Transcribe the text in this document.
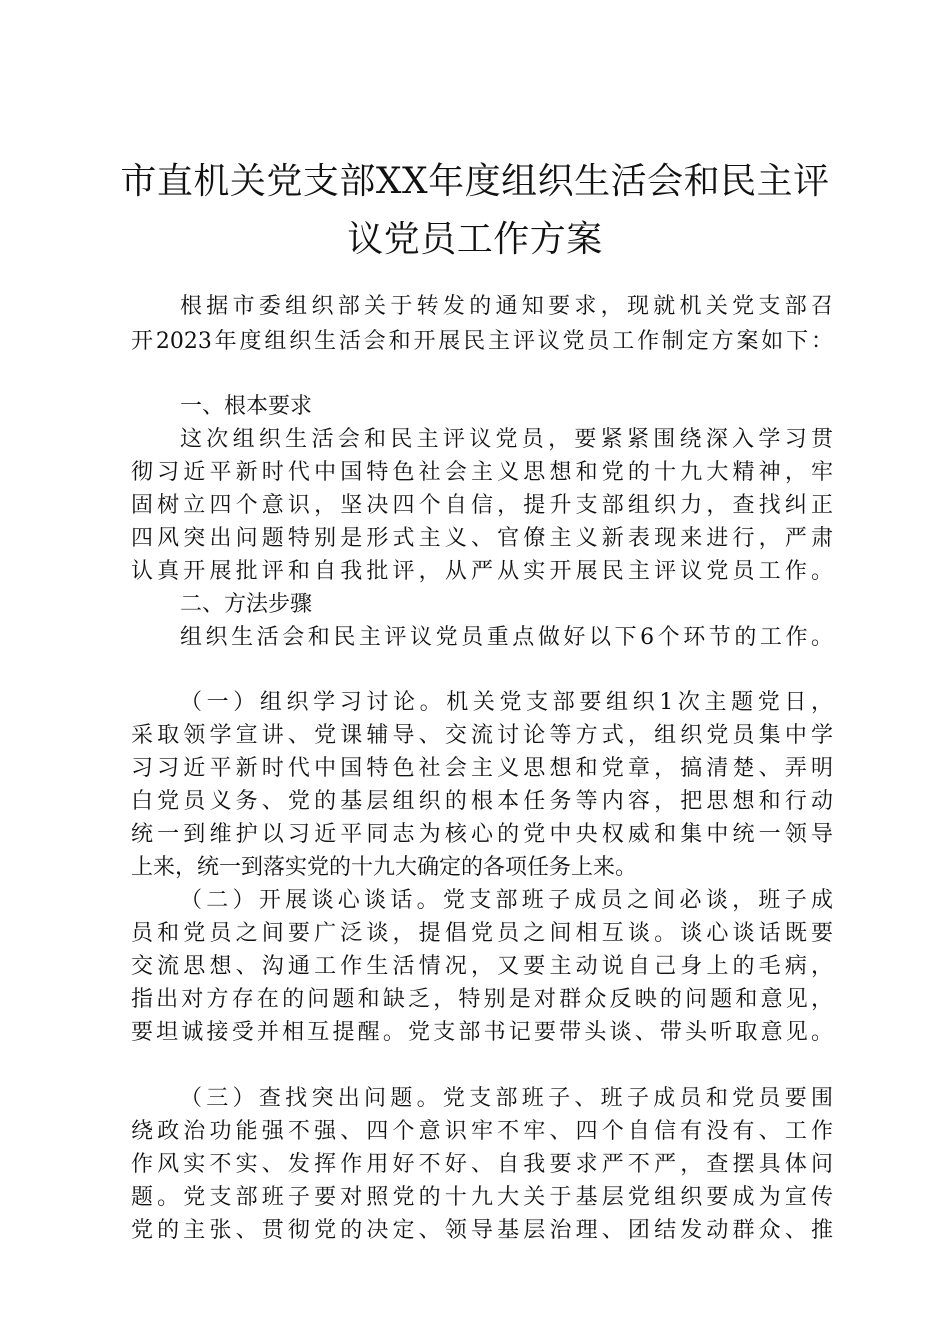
市直机关党支部XX年度组织生活会和民主评
议党员工作方案
根据市委组织部关于转发的通知要求，现就机关党支部召
开2023年度组织生活会和开展民主评议党员工作制定方案如下：
一、根本要求
这次组织生活会和民主评议党员，要紧紧围绕深入学习贯
彻习近平新时代中国特色社会主义思想和党的十九大精神，牢
固树立四个意识，坚决四个自信，提升支部组织力，查找纠正
四风突出问题特别是形式主义、官僚主义新表现来进行，严肃
认真开展批评和自我批评，从严从实开展民主评议党员工作。
二、方法步骤
组织生活会和民主评议党员重点做好以下6个环节的工作。
（一）组织学习讨论。机关党支部要组织1次主题党日，
采取领学宣讲、党课辅导、交流讨论等方式，组织党员集中学
习习近平新时代中国特色社会主义思想和党章，搞清楚、弄明
白党员义务、党的基层组织的根本任务等内容，把思想和行动
统一到维护以习近平同志为核心的党中央权威和集中统一领导
上来，统一到落实党的十九大确定的各项任务上来。
（二）开展谈心谈话。党支部班子成员之间必谈，班子成
员和党员之间要广泛谈，提倡党员之间相互谈。谈心谈话既要
交流思想、沟通工作生活情况，又要主动说自己身上的毛病，
指出对方存在的问题和缺乏，特别是对群众反映的问题和意见，
要坦诚接受并相互提醒。党支部书记要带头谈、带头听取意见。
（三）查找突出问题。党支部班子、班子成员和党员要围
绕政治功能强不强、四个意识牢不牢、四个自信有没有、工作
作风实不实、发挥作用好不好、自我要求严不严，查摆具体问
题。党支部班子要对照党的十九大关于基层党组织要成为宣传
党的主张、贯彻党的决定、领导基层治理、团结发动群众、推
